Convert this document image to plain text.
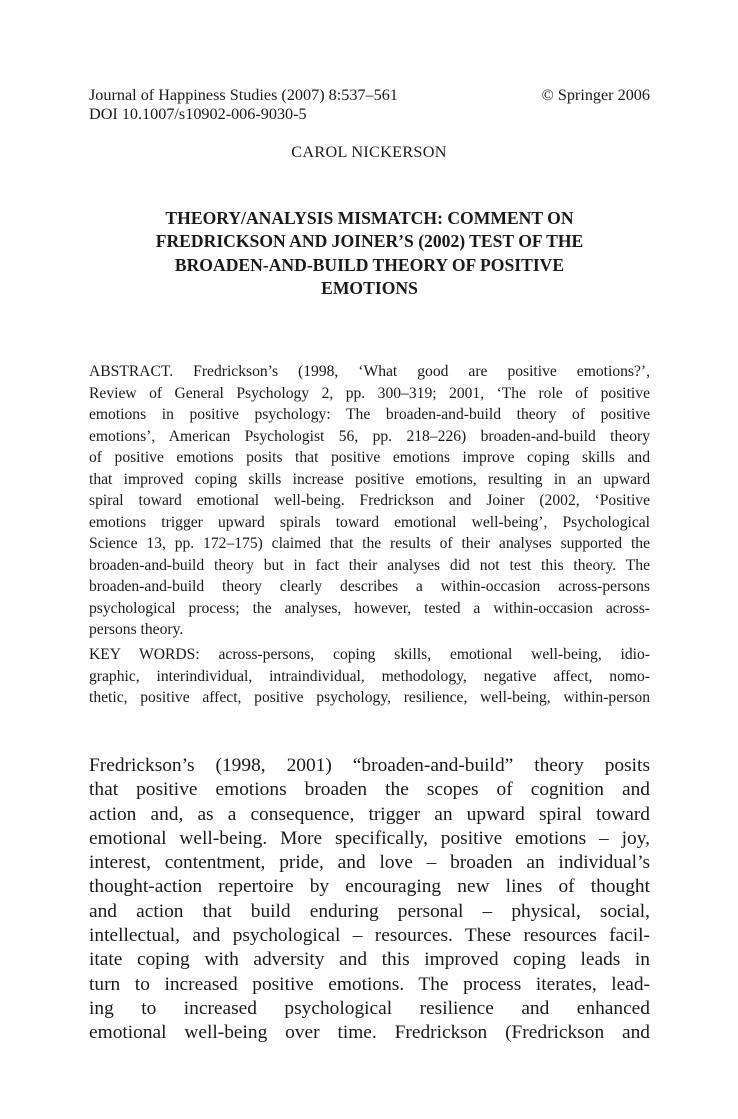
Journal of Happiness Studies (2007) 8:537–561
DOI 10.1007/s10902-006-9030-5
© Springer 2006
CAROL NICKERSON
THEORY/ANALYSIS MISMATCH: COMMENT ON
FREDRICKSON AND JOINER’S (2002) TEST OF THE
BROADEN-AND-BUILD THEORY OF POSITIVE
EMOTIONS
ABSTRACT. Fredrickson’s (1998, ‘What good are positive emotions?’,
Review of General Psychology 2, pp. 300–319; 2001, ‘The role of positive
emotions in positive psychology: The broaden-and-build theory of positive
emotions’, American Psychologist 56, pp. 218–226) broaden-and-build theory
of positive emotions posits that positive emotions improve coping skills and
that improved coping skills increase positive emotions, resulting in an upward
spiral toward emotional well-being. Fredrickson and Joiner (2002, ‘Positive
emotions trigger upward spirals toward emotional well-being’, Psychological
Science 13, pp. 172–175) claimed that the results of their analyses supported the
broaden-and-build theory but in fact their analyses did not test this theory. The
broaden-and-build theory clearly describes a within-occasion across-persons
psychological process; the analyses, however, tested a within-occasion across-
persons theory.
KEY WORDS: across-persons, coping skills, emotional well-being, idio-
graphic, interindividual, intraindividual, methodology, negative affect, nomo-
thetic, positive affect, positive psychology, resilience, well-being, within-person
Fredrickson’s (1998, 2001) “broaden-and-build” theory posits
that positive emotions broaden the scopes of cognition and
action and, as a consequence, trigger an upward spiral toward
emotional well-being. More specifically, positive emotions – joy,
interest, contentment, pride, and love – broaden an individual’s
thought-action repertoire by encouraging new lines of thought
and action that build enduring personal – physical, social,
intellectual, and psychological – resources. These resources facil-
itate coping with adversity and this improved coping leads in
turn to increased positive emotions. The process iterates, lead-
ing to increased psychological resilience and enhanced
emotional well-being over time. Fredrickson (Fredrickson and
